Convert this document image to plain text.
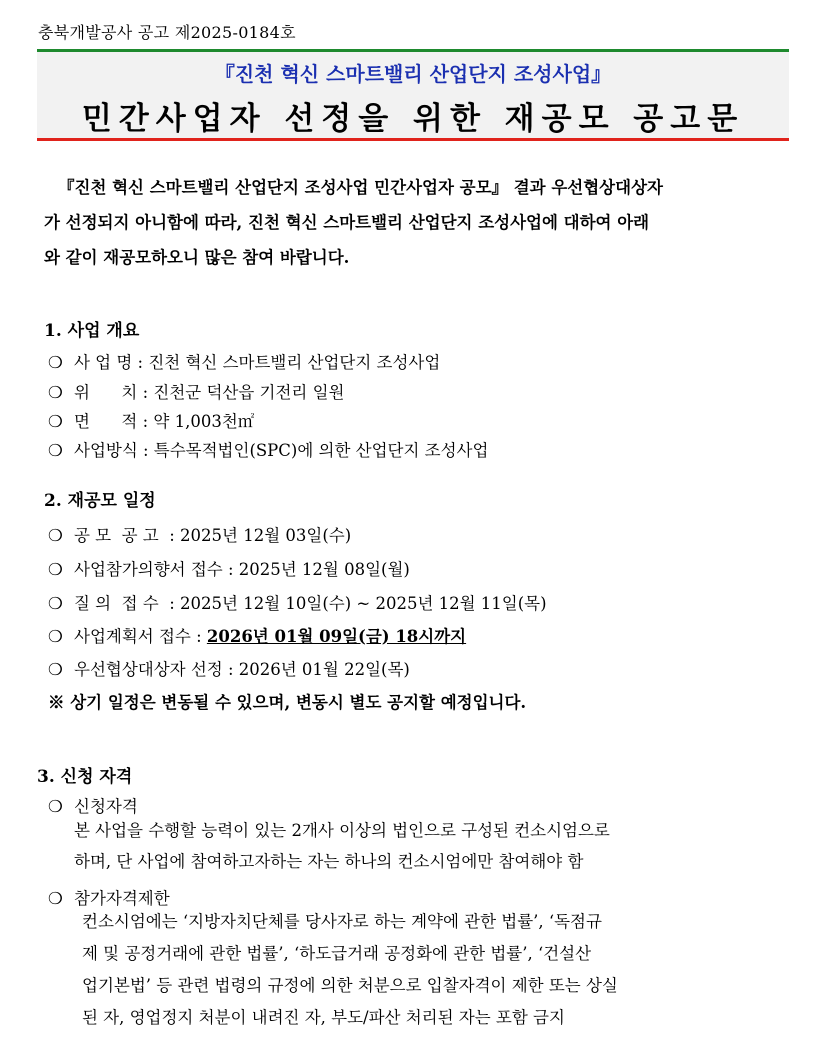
충북개발공사 공고 제2025-0184호
『진천 혁신 스마트밸리 산업단지 조성사업』
민간사업자 선정을 위한 재공모 공고문
『진천 혁신 스마트밸리 산업단지 조성사업 민간사업자 공모』 결과 우선협상대상자
가 선정되지 아니함에 따라, 진천 혁신 스마트밸리 산업단지 조성사업에 대하여 아래
와 같이 재공모하오니 많은 참여 바랍니다.
1. 사업 개요
❍ 사 업 명 : 진천 혁신 스마트밸리 산업단지 조성사업
❍ 위      치 : 진천군 덕산읍 기전리 일원
❍ 면      적 : 약 1,003천㎡
❍ 사업방식 : 특수목적법인(SPC)에 의한 산업단지 조성사업
2. 재공모 일정
❍ 공 모  공 고  : 2025년 12월 03일(수)
❍ 사업참가의향서 접수 : 2025년 12월 08일(월)
❍ 질 의  접 수  : 2025년 12월 10일(수) ~ 2025년 12월 11일(목)
❍ 사업계획서 접수 : 2026년 01월 09일(금) 18시까지
❍ 우선협상대상자 선정 : 2026년 01월 22일(목)
※ 상기 일정은 변동될 수 있으며, 변동시 별도 공지할 예정입니다.
3. 신청 자격
❍ 신청자격
본 사업을 수행할 능력이 있는 2개사 이상의 법인으로 구성된 컨소시엄으로
하며, 단 사업에 참여하고자하는 자는 하나의 컨소시엄에만 참여해야 함
❍ 참가자격제한
컨소시엄에는 ‘지방자치단체를 당사자로 하는 계약에 관한 법률’, ‘독점규
제 및 공정거래에 관한 법률’, ‘하도급거래 공정화에 관한 법률’, ‘건설산
업기본법’ 등 관련 법령의 규정에 의한 처분으로 입찰자격이 제한 또는 상실
된 자, 영업정지 처분이 내려진 자, 부도/파산 처리된 자는 포함 금지
